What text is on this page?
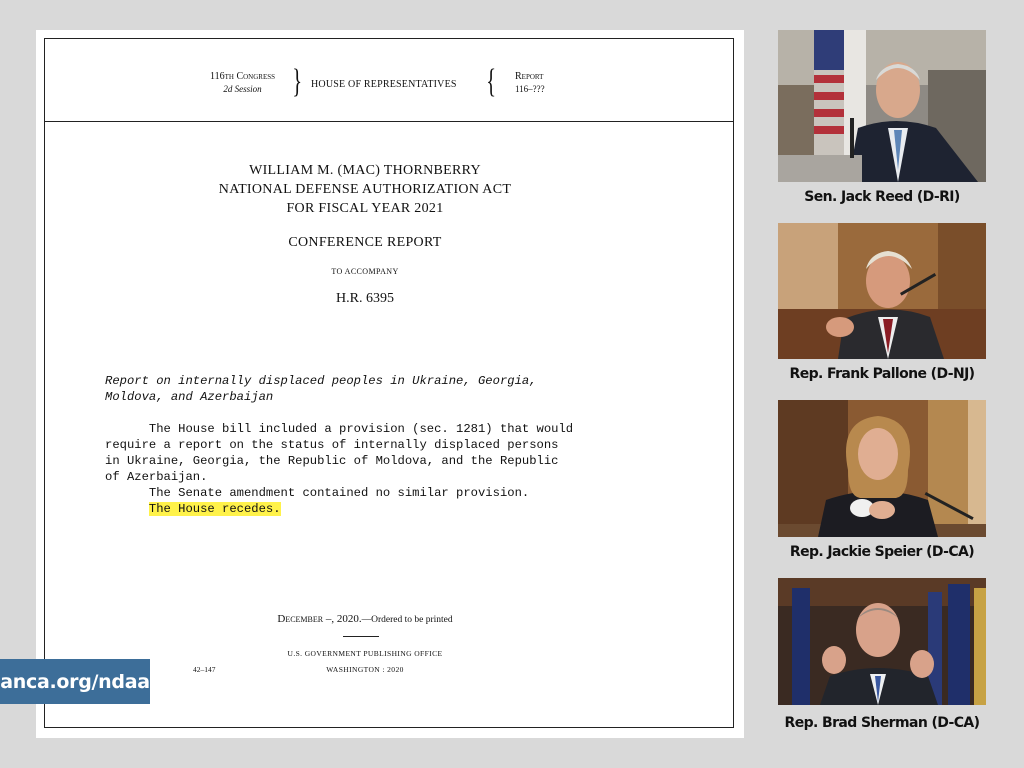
116th Congress
2d Session } HOUSE OF REPRESENTATIVES { Report
116–???
WILLIAM M. (MAC) THORNBERRY
NATIONAL DEFENSE AUTHORIZATION ACT
FOR FISCAL YEAR 2021
CONFERENCE REPORT
TO ACCOMPANY
H.R. 6395
Report on internally displaced peoples in Ukraine, Georgia,
Moldova, and Azerbaijan
The House bill included a provision (sec. 1281) that would
require a report on the status of internally displaced persons
in Ukraine, Georgia, the Republic of Moldova, and the Republic
of Azerbaijan.
The Senate amendment contained no similar provision.
The House recedes.
December –, 2020.—Ordered to be printed
U.S. GOVERNMENT PUBLISHING OFFICE
42–147	WASHINGTON : 2020
anca.org/ndaa
Sen. Jack Reed (D-RI)
Rep. Frank Pallone (D-NJ)
Rep. Jackie Speier (D-CA)
Rep. Brad Sherman (D-CA)
